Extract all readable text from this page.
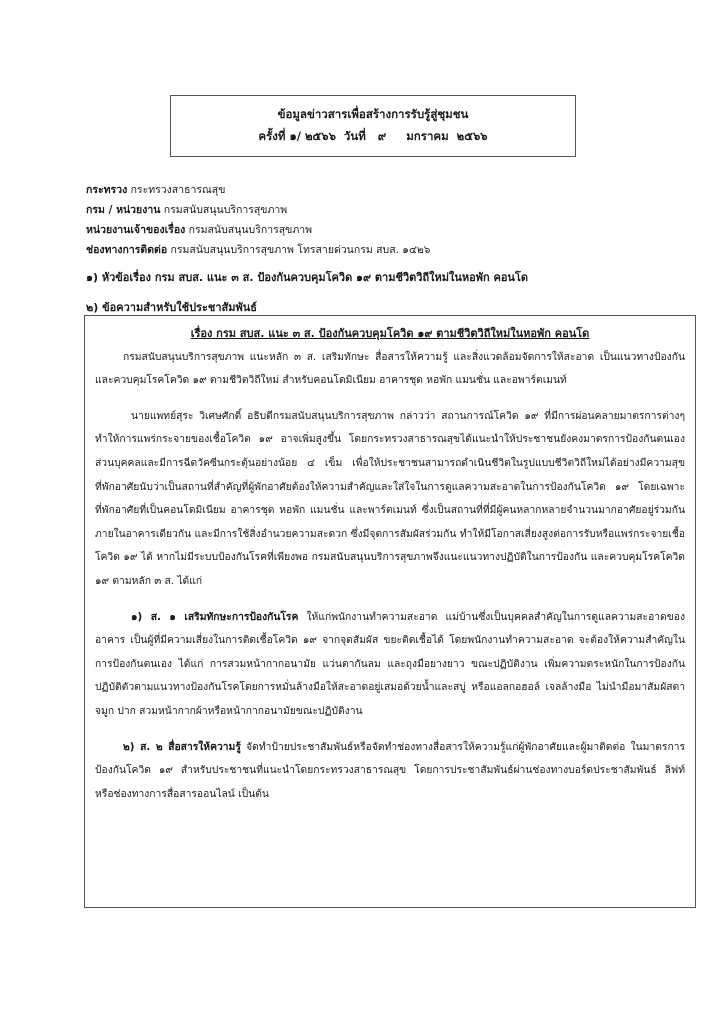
ข้อมูลข่าวสารเพื่อสร้างการรับรู้สู่ชุมชน
ครั้งที่ ๑/ ๒๕๖๖  วันที่   ๙     มกราคม  ๒๕๖๖
กระทรวง กระทรวงสาธารณสุข
กรม / หน่วยงาน กรมสนับสนุนบริการสุขภาพ
หน่วยงานเจ้าของเรื่อง กรมสนับสนุนบริการสุขภาพ
ช่องทางการติดต่อ กรมสนับสนุนบริการสุขภาพ โทรสายด่วนกรม สบส. ๑๔๒๖
๑) หัวข้อเรื่อง กรม สบส. แนะ ๓ ส. ป้องกันควบคุมโควิด ๑๙ ตามชีวิตวิถีใหม่ในหอพัก คอนโด
๒) ข้อความสำหรับใช้ประชาสัมพันธ์
เรื่อง กรม สบส. แนะ ๓ ส. ป้องกันควบคุมโควิด ๑๙ ตามชีวิตวิถีใหม่ในหอพัก คอนโด

กรมสนับสนุนบริการสุขภาพ แนะหลัก ๓ ส. เสริมทักษะ สื่อสารให้ความรู้ และสิ่งแวดล้อมจัดการให้สะอาด เป็นแนวทางป้องกันและควบคุมโรคโควิด ๑๙ ตามชีวิตวิถีใหม่ สำหรับคอนโดมิเนียม อาคารชุด หอพัก แมนชั่น และอพาร์ตเมนท์

นายแพทย์สุระ วิเศษศักดิ์ อธิบดีกรมสนับสนุนบริการสุขภาพ กล่าวว่า สถานการณ์โควิด ๑๙ ที่มีการผ่อนคลายมาตรการต่างๆ ทำให้การแพร่กระจายของเชื้อโควิด ๑๙ อาจเพิ่มสูงขึ้น โดยกระทรวงสาธารณสุขได้แนะนำให้ประชาชนยังคงมาตรการป้องกันตนเองส่วนบุคคลและมีการฉีดวัคซีนกระตุ้นอย่างน้อย ๔ เข็ม เพื่อให้ประชาชนสามารถดำเนินชีวิตในรูปแบบชีวิตวิถีใหม่ได้อย่างมีความสุข ที่พักอาศัยนับว่าเป็นสถานที่สำคัญที่ผู้พักอาศัยต้องให้ความสำคัญและใส่ใจในการดูแลความสะอาดในการป้องกันโควิด ๑๙ โดยเฉพาะที่พักอาศัยที่เป็นคอนโดมิเนียม อาคารชุด หอพัก แมนชั่น และพาร์ตเมนท์ ซึ่งเป็นสถานที่ที่มีผู้คนหลากหลายจำนวนมากอาศัยอยู่ร่วมกัน ภายในอาคารเดียวกัน และมีการใช้สิ่งอำนวยความสะดวก ซึ่งมีจุดการสัมผัสร่วมกัน ทำให้มีโอกาสเสี่ยงสูงต่อการรับหรือแพร่กระจายเชื้อโควิด ๑๙ ได้ หากไม่มีระบบป้องกันโรคที่เพียงพอ กรมสนับสนุนบริการสุขภาพจึงแนะแนวทางปฏิบัติในการป้องกัน และควบคุมโรคโควิด ๑๙ ตามหลัก ๓ ส. ได้แก่

๑) ส. ๑ เสริมทักษะการป้องกันโรค ให้แก่พนักงานทำความสะอาด แม่บ้านซึ่งเป็นบุคคลสำคัญในการดูแลความสะอาดของอาคาร เป็นผู้ที่มีความเสี่ยงในการติดเชื้อโควิด ๑๙ จากจุดสัมผัส ขยะติดเชื้อได้ โดยพนักงานทำความสะอาด จะต้องให้ความสำคัญในการป้องกันตนเอง ได้แก่ การสวมหน้ากากอนามัย แว่นตากันลม และถุงมือยางยาว ขณะปฏิบัติงาน เพิ่มความตระหนักในการป้องกันปฏิบัติตัวตามแนวทางป้องกันโรคโดยการหมั่นล้างมือให้สะอาดอยู่เสมอด้วยน้ำและสบู่ หรือแอลกอฮอล์ เจลล้างมือ ไม่นำมือมาสัมผัสตาจมูก ปาก สวมหน้ากากผ้าหรือหน้ากากอนามัยขณะปฏิบัติงาน

๒) ส. ๒ สื่อสารให้ความรู้ จัดทำป้ายประชาสัมพันธ์หรือจัดทำช่องทางสื่อสารให้ความรู้แก่ผู้พักอาศัยและผู้มาติดต่อ ในมาตรการป้องกันโควิด ๑๙ สำหรับประชาชนที่แนะนำโดยกระทรวงสาธารณสุข โดยการประชาสัมพันธ์ผ่านช่องทางบอร์ดประชาสัมพันธ์ ลิฟท์ หรือช่องทางการสื่อสารออนไลน์ เป็นต้น
